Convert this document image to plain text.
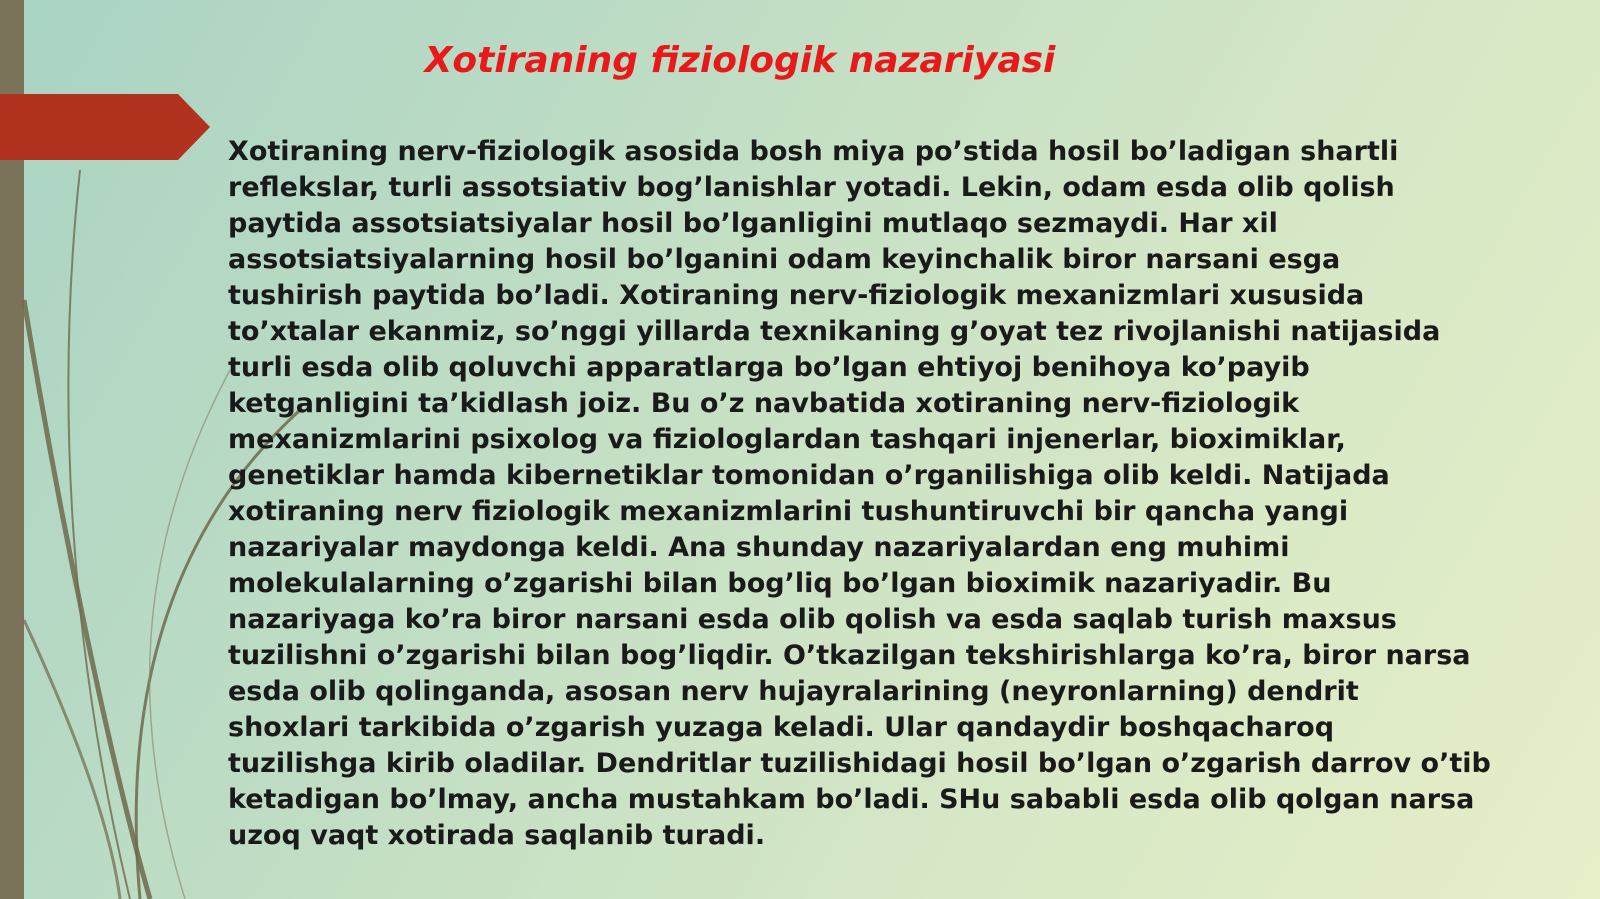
Xotiraning fiziologik nazariyasi
Xotiraning nerv-fiziologik asosida bosh miya po’stida hosil bo’ladigan shartli
reflekslar, turli assotsiativ bog’lanishlar yotadi. Lekin, odam esda olib qolish
paytida assotsiatsiyalar hosil bo’lganligini mutlaqo sezmaydi. Har xil
assotsiatsiyalarning hosil bo’lganini odam keyinchalik biror narsani esga
tushirish paytida bo’ladi. Xotiraning nerv-fiziologik mexanizmlari xususida
to’xtalar ekanmiz, so’nggi yillarda texnikaning g’oyat tez rivojlanishi natijasida
turli esda olib qoluvchi apparatlarga bo’lgan ehtiyoj benihoya ko’payib
ketganligini ta’kidlash joiz. Bu o’z navbatida xotiraning nerv-fiziologik
mexanizmlarini psixolog va fiziologlardan tashqari injenerlar, bioximiklar,
genetiklar hamda kibernetiklar tomonidan o’rganilishiga olib keldi. Natijada
xotiraning nerv fiziologik mexanizmlarini tushuntiruvchi bir qancha yangi
nazariyalar maydonga keldi. Ana shunday nazariyalardan eng muhimi
molekulalarning o’zgarishi bilan bog’liq bo’lgan bioximik nazariyadir. Bu
nazariyaga ko’ra biror narsani esda olib qolish va esda saqlab turish maxsus
tuzilishni o’zgarishi bilan bog’liqdir. O’tkazilgan tekshirishlarga ko’ra, biror narsa
esda olib qolinganda, asosan nerv hujayralarining (neyronlarning) dendrit
shoxlari tarkibida o’zgarish yuzaga keladi. Ular qandaydir boshqacharoq
tuzilishga kirib oladilar. Dendritlar tuzilishidagi hosil bo’lgan o’zgarish darrov o’tib
ketadigan bo’lmay, ancha mustahkam bo’ladi. SHu sababli esda olib qolgan narsa
uzoq vaqt xotirada saqlanib turadi.
